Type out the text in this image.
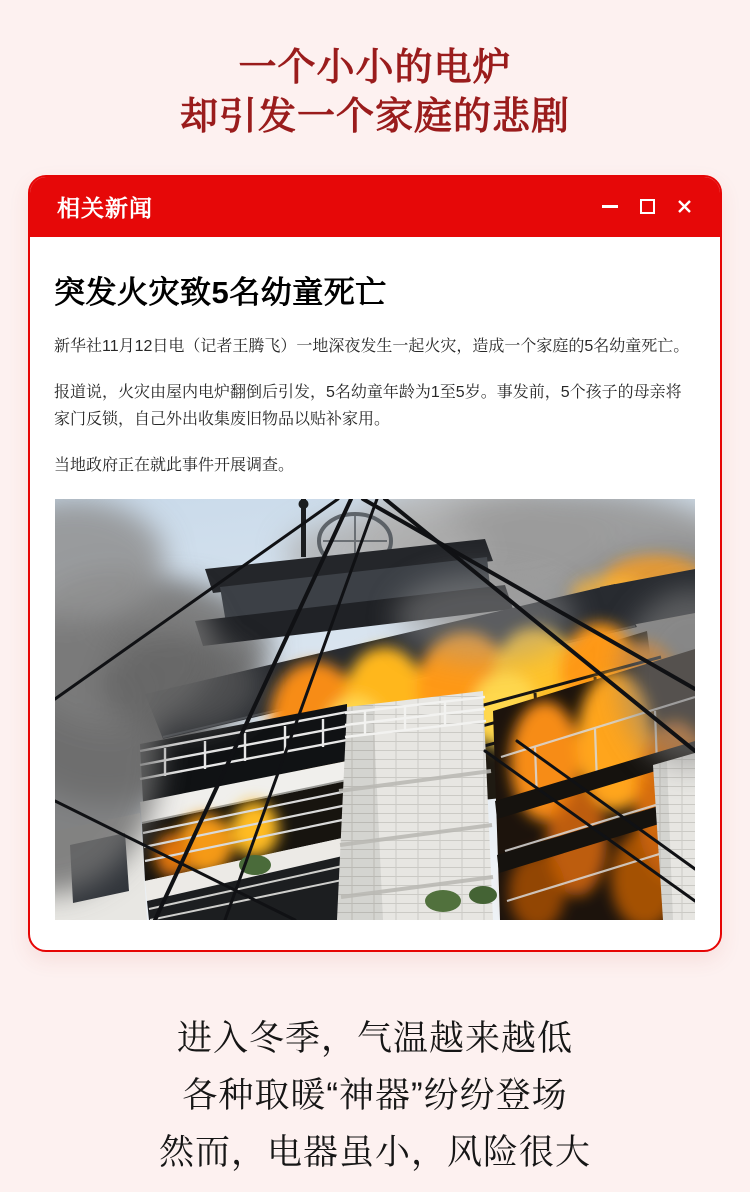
一个小小的电炉
却引发一个家庭的悲剧
相关新闻
突发火灾致5名幼童死亡

新华社11月12日电（记者王腾飞）一地深夜发生一起火灾，造成一个家庭的5名幼童死亡。

报道说，火灾由屋内电炉翻倒后引发，5名幼童年龄为1至5岁。事发前，5个孩子的母亲将家门反锁，自己外出收集废旧物品以贴补家用。

当地政府正在就此事件开展调查。

进入冬季，气温越来越低
各种取暖“神器”纷纷登场
然而，电器虽小，风险很大
